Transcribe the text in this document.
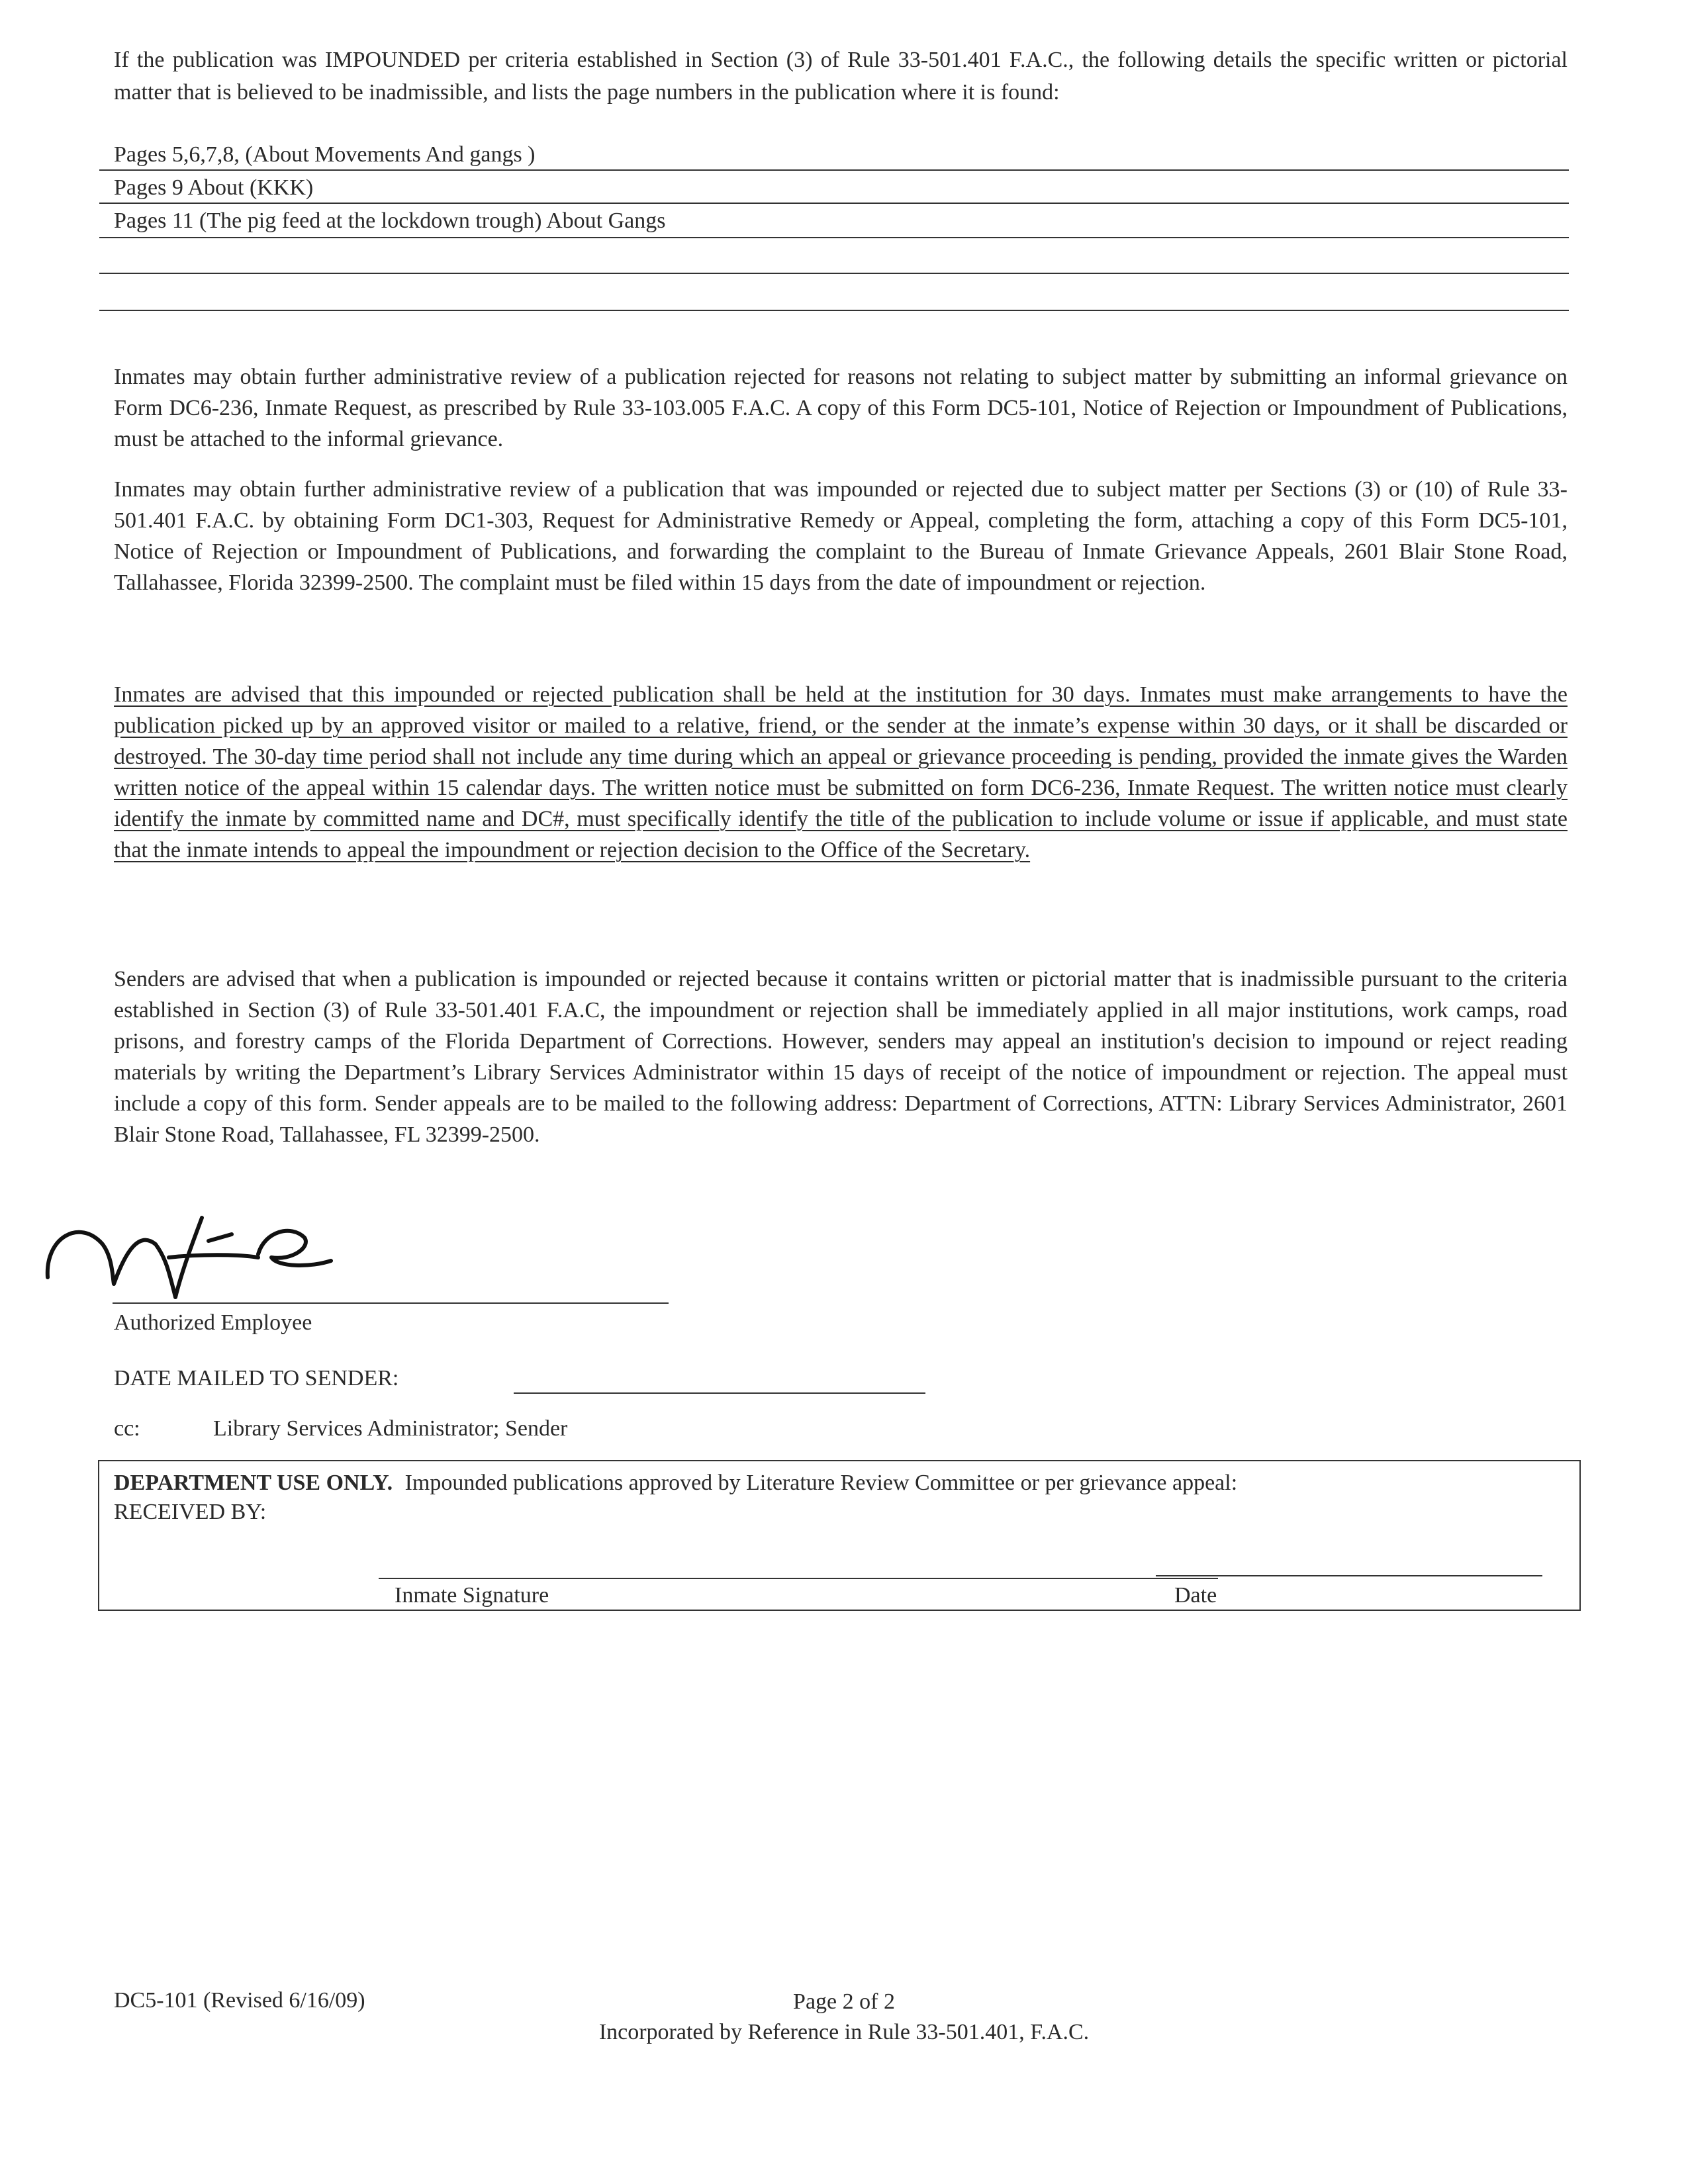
If the publication was IMPOUNDED per criteria established in Section (3) of Rule 33-501.401 F.A.C., the following details the specific written or pictorial matter that is believed to be inadmissible, and lists the page numbers in the publication where it is found:
Pages 5,6,7,8, (About Movements And gangs )
Pages 9 About (KKK)
Pages 11 (The pig feed at the lockdown trough) About Gangs
Inmates may obtain further administrative review of a publication rejected for reasons not relating to subject matter by submitting an informal grievance on Form DC6-236, Inmate Request, as prescribed by Rule 33-103.005 F.A.C. A copy of this Form DC5-101, Notice of Rejection or Impoundment of Publications, must be attached to the informal grievance.
Inmates may obtain further administrative review of a publication that was impounded or rejected due to subject matter per Sections (3) or (10) of Rule 33-501.401 F.A.C. by obtaining Form DC1-303, Request for Administrative Remedy or Appeal, completing the form, attaching a copy of this Form DC5-101, Notice of Rejection or Impoundment of Publications, and forwarding the complaint to the Bureau of Inmate Grievance Appeals, 2601 Blair Stone Road, Tallahassee, Florida 32399-2500. The complaint must be filed within 15 days from the date of impoundment or rejection.
Inmates are advised that this impounded or rejected publication shall be held at the institution for 30 days. Inmates must make arrangements to have the publication picked up by an approved visitor or mailed to a relative, friend, or the sender at the inmate’s expense within 30 days, or it shall be discarded or destroyed. The 30-day time period shall not include any time during which an appeal or grievance proceeding is pending, provided the inmate gives the Warden written notice of the appeal within 15 calendar days. The written notice must be submitted on form DC6-236, Inmate Request. The written notice must clearly identify the inmate by committed name and DC#, must specifically identify the title of the publication to include volume or issue if applicable, and must state that the inmate intends to appeal the impoundment or rejection decision to the Office of the Secretary.
Senders are advised that when a publication is impounded or rejected because it contains written or pictorial matter that is inadmissible pursuant to the criteria established in Section (3) of Rule 33-501.401 F.A.C, the impoundment or rejection shall be immediately applied in all major institutions, work camps, road prisons, and forestry camps of the Florida Department of Corrections. However, senders may appeal an institution's decision to impound or reject reading materials by writing the Department’s Library Services Administrator within 15 days of receipt of the notice of impoundment or rejection. The appeal must include a copy of this form. Sender appeals are to be mailed to the following address: Department of Corrections, ATTN: Library Services Administrator, 2601 Blair Stone Road, Tallahassee, FL 32399-2500.
Authorized Employee
DATE MAILED TO SENDER:
cc:	Library Services Administrator; Sender
DEPARTMENT USE ONLY. Impounded publications approved by Literature Review Committee or per grievance appeal:
RECEIVED BY:
Inmate Signature	Date
DC5-101 (Revised 6/16/09)	Page 2 of 2
Incorporated by Reference in Rule 33-501.401, F.A.C.
